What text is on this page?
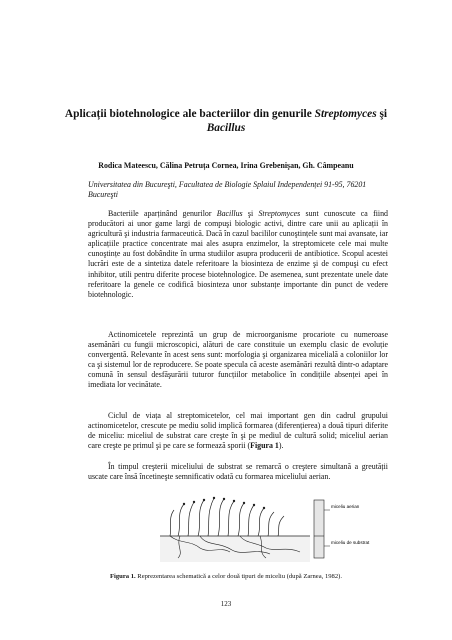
Aplicații biotehnologice ale bacteriilor din genurile Streptomyces şi
Bacillus

Rodica Mateescu, Călina Petruța Cornea, Irina Grebenişan, Gh. Câmpeanu

Universitatea din Bucureşti, Facultatea de Biologie Splaiul Independenței 91-95, 76201 Bucureşti

Bacteriile aparținând genurilor Bacillus şi Streptomyces sunt cunoscute ca fiind producători ai unor game largi de compuşi biologic activi, dintre care unii au aplicații în agricultură şi industria farmaceutică. Dacă în cazul bacililor cunoştințele sunt mai avansate, iar aplicațiile practice concentrate mai ales asupra enzimelor, la streptomicete cele mai multe cunoştințe au fost dobândite în urma studiilor asupra producerii de antibiotice. Scopul acestei lucrări este de a sintetiza datele referitoare la biosinteza de enzime şi de compuşi cu efect inhibitor, utili pentru diferite procese biotehnologice. De asemenea, sunt prezentate unele date referitoare la genele ce codifică biosinteza unor substanțe importante din punct de vedere biotehnologic.

Actinomicetele reprezintă un grup de microorganisme procariote cu numeroase asemănări cu fungii microscopici, alături de care constituie un exemplu clasic de evoluție convergentă. Relevante în acest sens sunt: morfologia şi organizarea micelială a coloniilor lor ca şi sistemul lor de reproducere. Se poate specula că aceste asemănări rezultă dintr-o adaptare comună în sensul desfăşurării tuturor funcțiilor metabolice în condițiile absenței apei în imediata lor vecinătate.

Ciclul de viața al streptomicetelor, cel mai important gen din cadrul grupului actinomicetelor, crescute pe mediu solid implică formarea (diferențierea) a două tipuri diferite de miceliu: miceliul de substrat care creşte în şi pe mediul de cultură solid; miceliul aerian care creşte pe primul şi pe care se formează sporii (Figura 1).

În timpul creşterii miceliului de substrat se remarcă o creştere simultană a greutății uscate care însă încetineşte semnificativ odată cu formarea miceliului aerian.

miceliu aerian
miceliu de substrat

Figura 1. Reprezentarea schematică a celor două tipuri de miceliu (după Zarnea, 1982).

123
